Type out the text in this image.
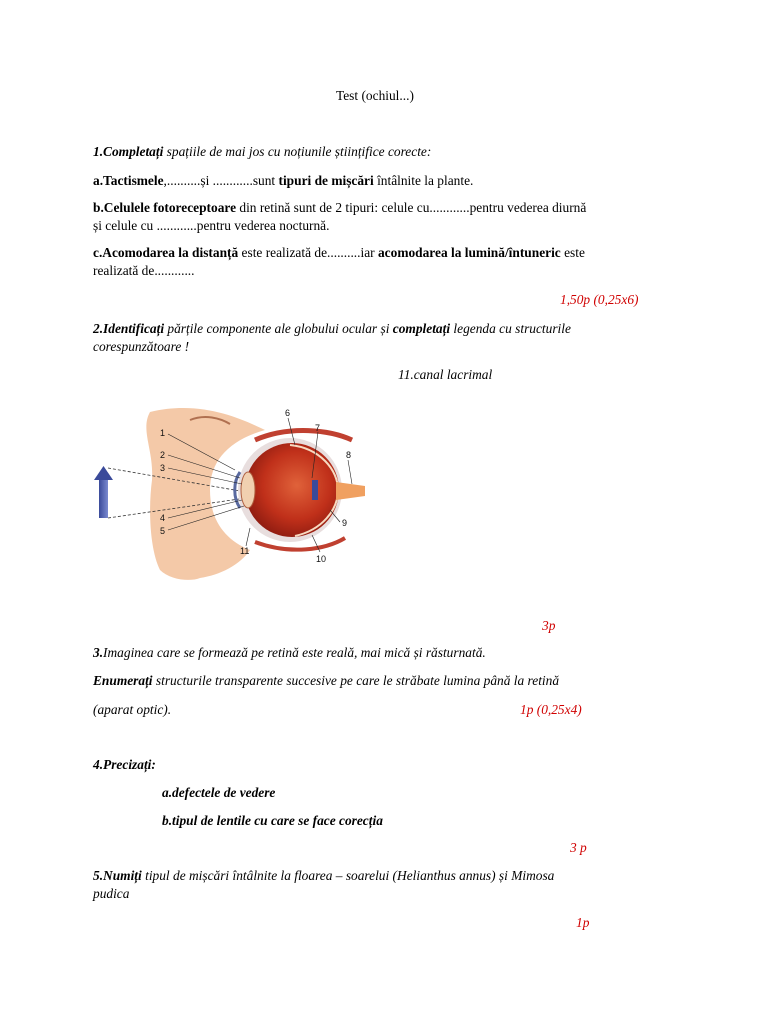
Test (ochiul...)
1.Completați spațiile de mai jos cu noțiunile științifice corecte:
a.Tactismele,..........și ............sunt tipuri de mișcări întâlnite la plante.
b.Celulele fotoreceptoare din retină sunt de 2 tipuri: celule cu............pentru vederea diurnă
și celule cu ............pentru vederea nocturnă.
c.Acomodarea la distanță este realizată de..........iar acomodarea la lumină/întuneric este
realizată de............
1,50p (0,25x6)
2.Identificați părțile componente ale globului ocular și completați legenda cu structurile
corespunzătoare !
11.canal lacrimal
1
2
3
4
5
6
7
8
9
10
11
3p
3.Imaginea care se formează pe retină este reală, mai mică și răsturnată.
Enumerați structurile transparente succesive pe care le străbate lumina până la retină
(aparat optic).	1p (0,25x4)
4.Precizați:
a.defectele de vedere
b.tipul de lentile cu care se face corecția
3 p
5.Numiți tipul de mișcări întâlnite la floarea – soarelui (Helianthus annus) și Mimosa
pudica
1p
